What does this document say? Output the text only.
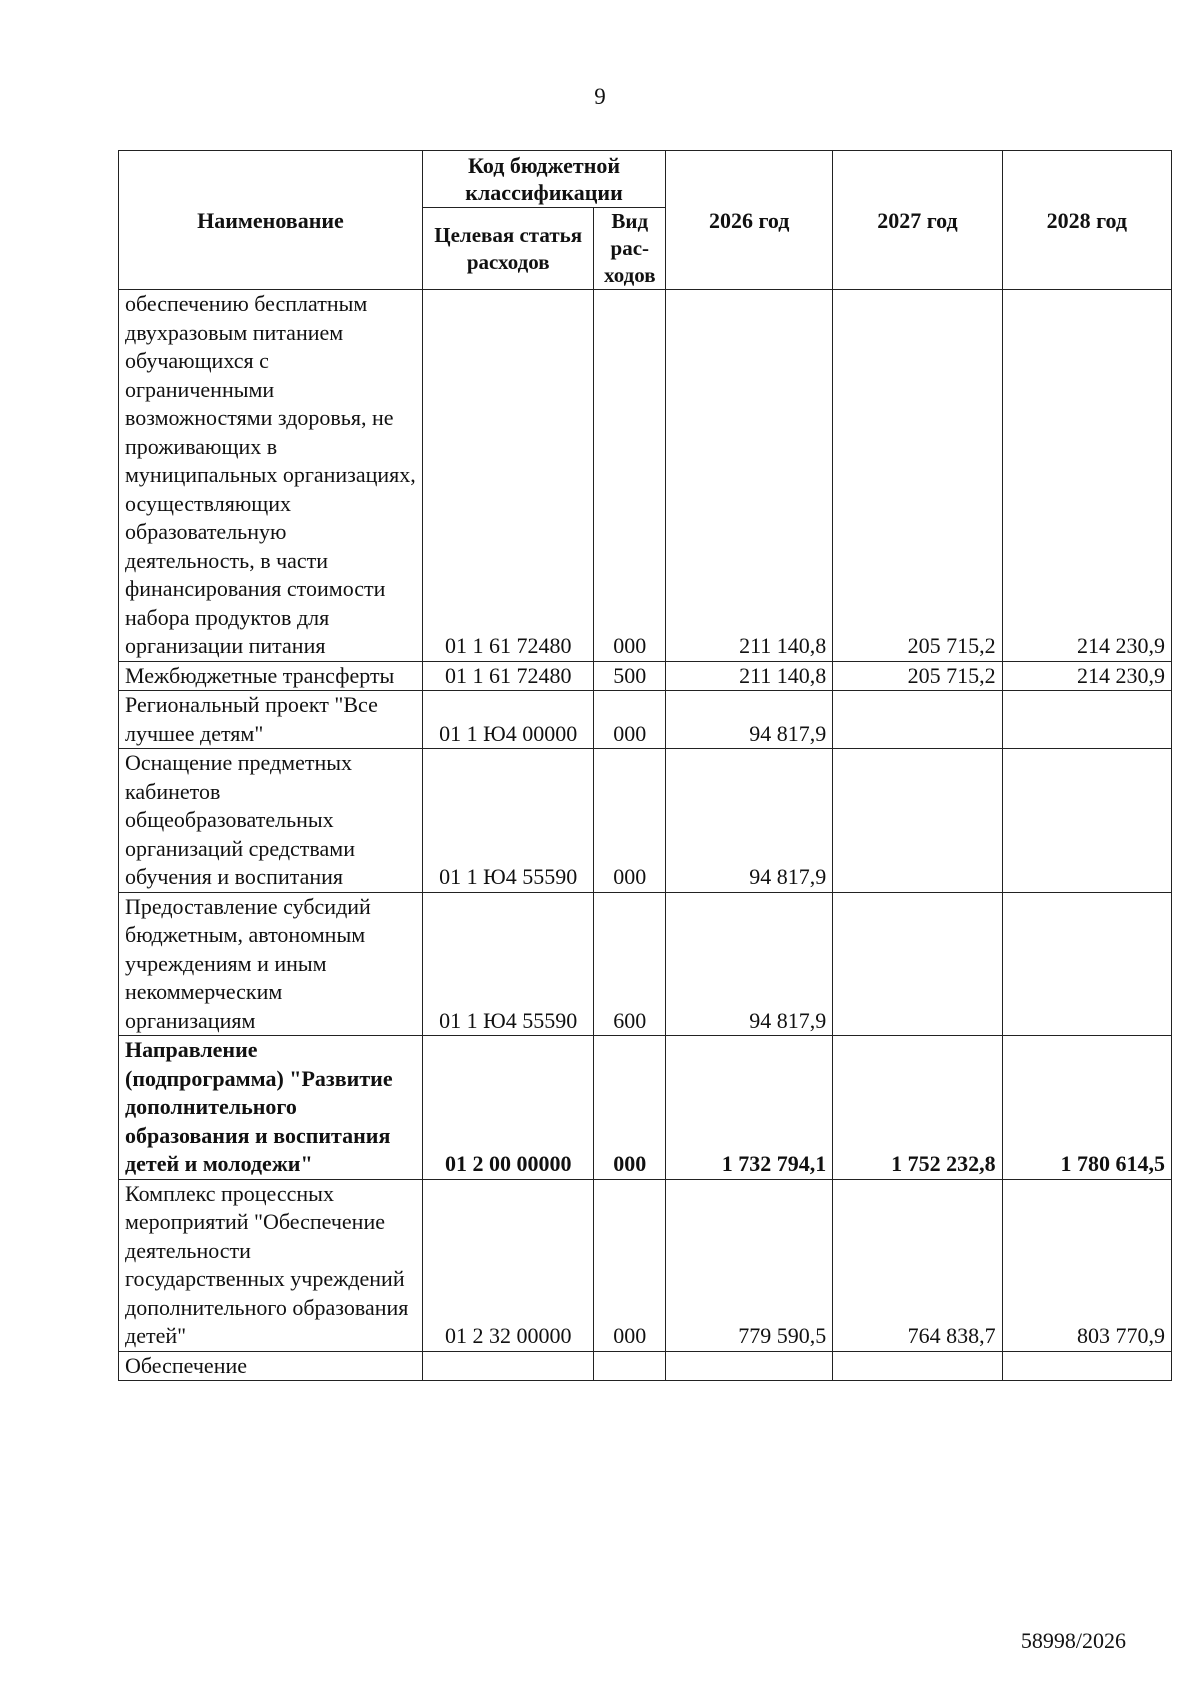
9
Наименование	Код бюджетной классификации		2026 год	2027 год	2028 год
	Целевая статья расходов	Вид рас-ходов			
обеспечению бесплатным двухразовым питанием обучающихся с ограниченными возможностями здоровья, не проживающих в муниципальных организациях, осуществляющих образовательную деятельность, в части финансирования стоимости набора продуктов для организации питания	01 1 61 72480	000	211 140,8	205 715,2	214 230,9
Межбюджетные трансферты	01 1 61 72480	500	211 140,8	205 715,2	214 230,9
Региональный проект "Все лучшее детям"	01 1 Ю4 00000	000	94 817,9		
Оснащение предметных кабинетов общеобразовательных организаций средствами обучения и воспитания	01 1 Ю4 55590	000	94 817,9		
Предоставление субсидий бюджетным, автономным учреждениям и иным некоммерческим организациям	01 1 Ю4 55590	600	94 817,9		
Направление (подпрограмма) "Развитие дополнительного образования и воспитания детей и молодежи"	01 2 00 00000	000	1 732 794,1	1 752 232,8	1 780 614,5
Комплекс процессных мероприятий "Обеспечение деятельности государственных учреждений дополнительного образования детей"	01 2 32 00000	000	779 590,5	764 838,7	803 770,9
Обеспечение					
58998/2026
